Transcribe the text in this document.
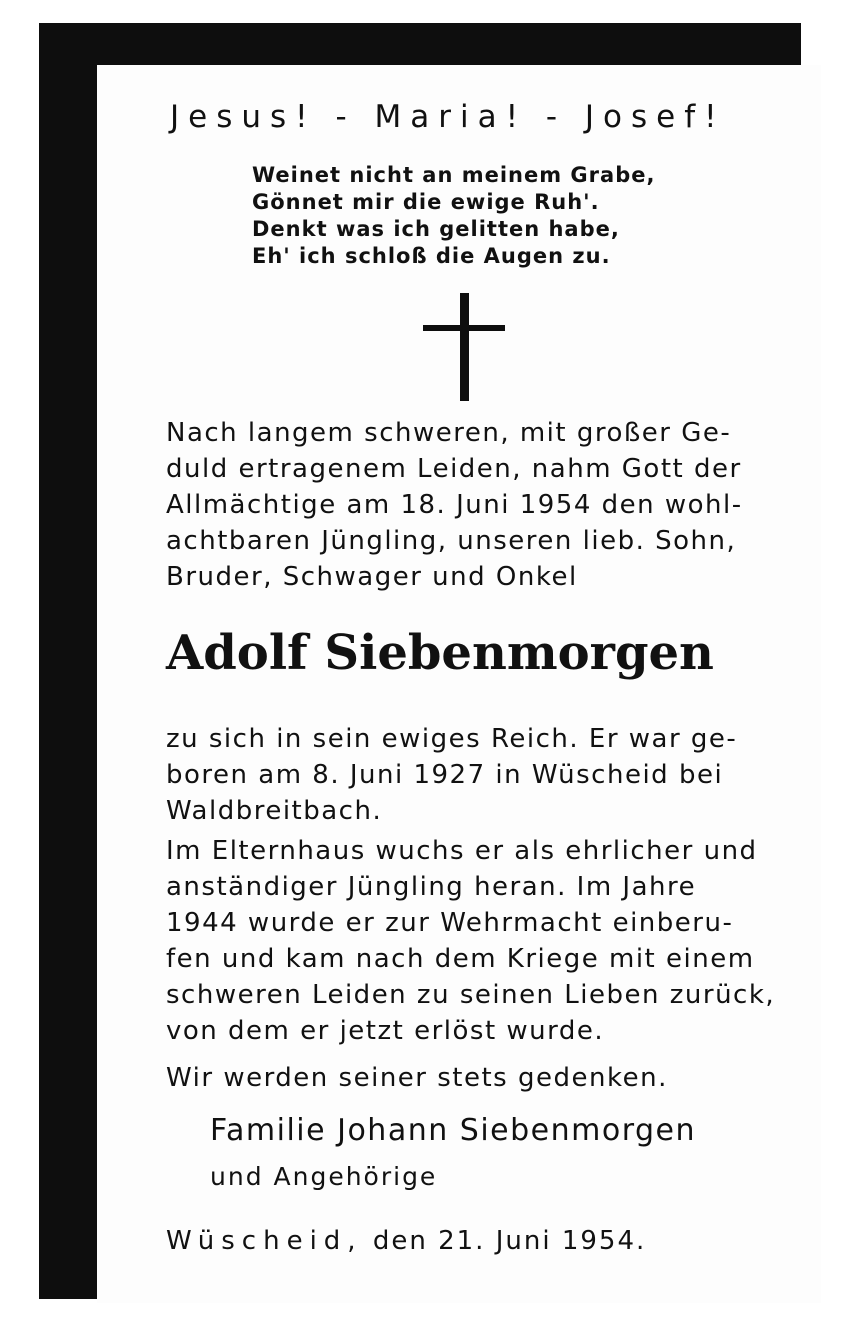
Jesus! - Maria! - Josef!
Weinet nicht an meinem Grabe,
Gönnet mir die ewige Ruh'.
Denkt was ich gelitten habe,
Eh' ich schloß die Augen zu.
Nach langem schweren, mit großer Ge-
duld ertragenem Leiden, nahm Gott der
Allmächtige am 18. Juni 1954 den wohl-
achtbaren Jüngling, unseren lieb. Sohn,
Bruder, Schwager und Onkel
Adolf Siebenmorgen
zu sich in sein ewiges Reich. Er war ge-
boren am 8. Juni 1927 in Wüscheid bei
Waldbreitbach.
Im Elternhaus wuchs er als ehrlicher und
anständiger Jüngling heran. Im Jahre
1944 wurde er zur Wehrmacht einberu-
fen und kam nach dem Kriege mit einem
schweren Leiden zu seinen Lieben zurück,
von dem er jetzt erlöst wurde.
Wir werden seiner stets gedenken.
Familie Johann Siebenmorgen
und Angehörige
Wüscheid, den 21. Juni 1954.
